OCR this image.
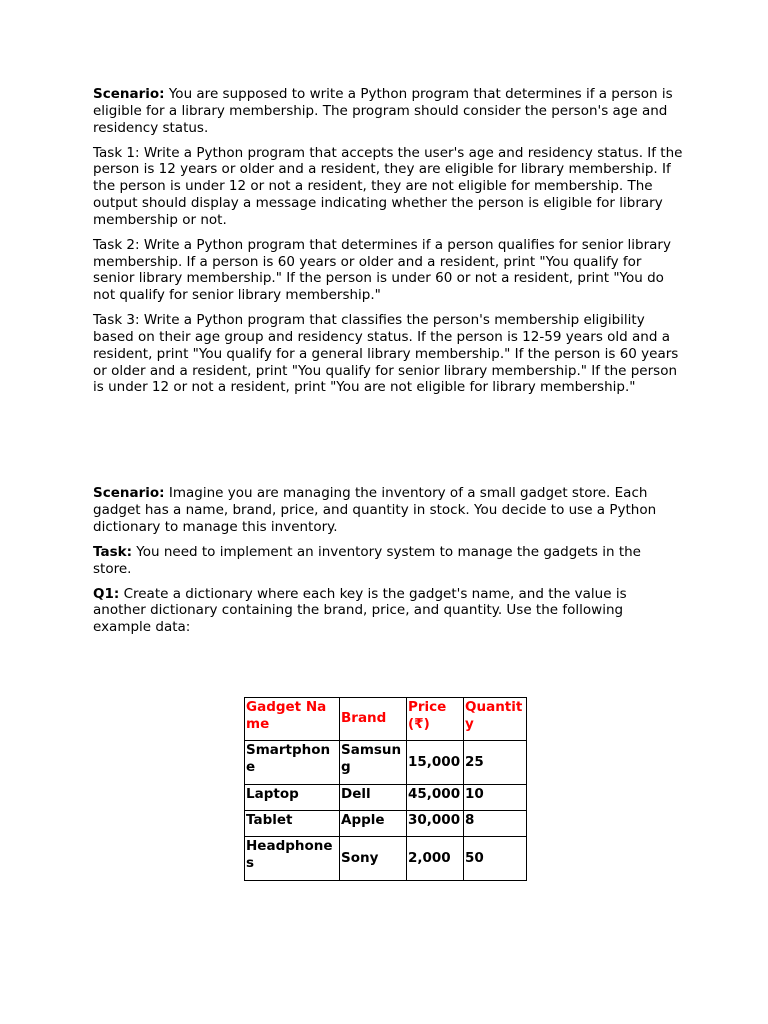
Scenario: You are supposed to write a Python program that determines if a person is eligible for a library membership. The program should consider the person's age and residency status.

Task 1: Write a Python program that accepts the user's age and residency status. If the person is 12 years or older and a resident, they are eligible for library membership. If the person is under 12 or not a resident, they are not eligible for membership. The output should display a message indicating whether the person is eligible for library membership or not.

Task 2: Write a Python program that determines if a person qualifies for senior library membership. If a person is 60 years or older and a resident, print "You qualify for senior library membership." If the person is under 60 or not a resident, print "You do not qualify for senior library membership."

Task 3: Write a Python program that classifies the person's membership eligibility based on their age group and residency status. If the person is 12-59 years old and a resident, print "You qualify for a general library membership." If the person is 60 years or older and a resident, print "You qualify for senior library membership." If the person is under 12 or not a resident, print "You are not eligible for library membership."

Scenario: Imagine you are managing the inventory of a small gadget store. Each gadget has a name, brand, price, and quantity in stock. You decide to use a Python dictionary to manage this inventory.

Task: You need to implement an inventory system to manage the gadgets in the store.

Q1: Create a dictionary where each key is the gadget's name, and the value is another dictionary containing the brand, price, and quantity. Use the following example data:

Gadget Name	Brand	Price (₹)	Quantity
Smartphone	Samsung	15,000	25
Laptop	Dell	45,000	10
Tablet	Apple	30,000	8
Headphones	Sony	2,000	50
